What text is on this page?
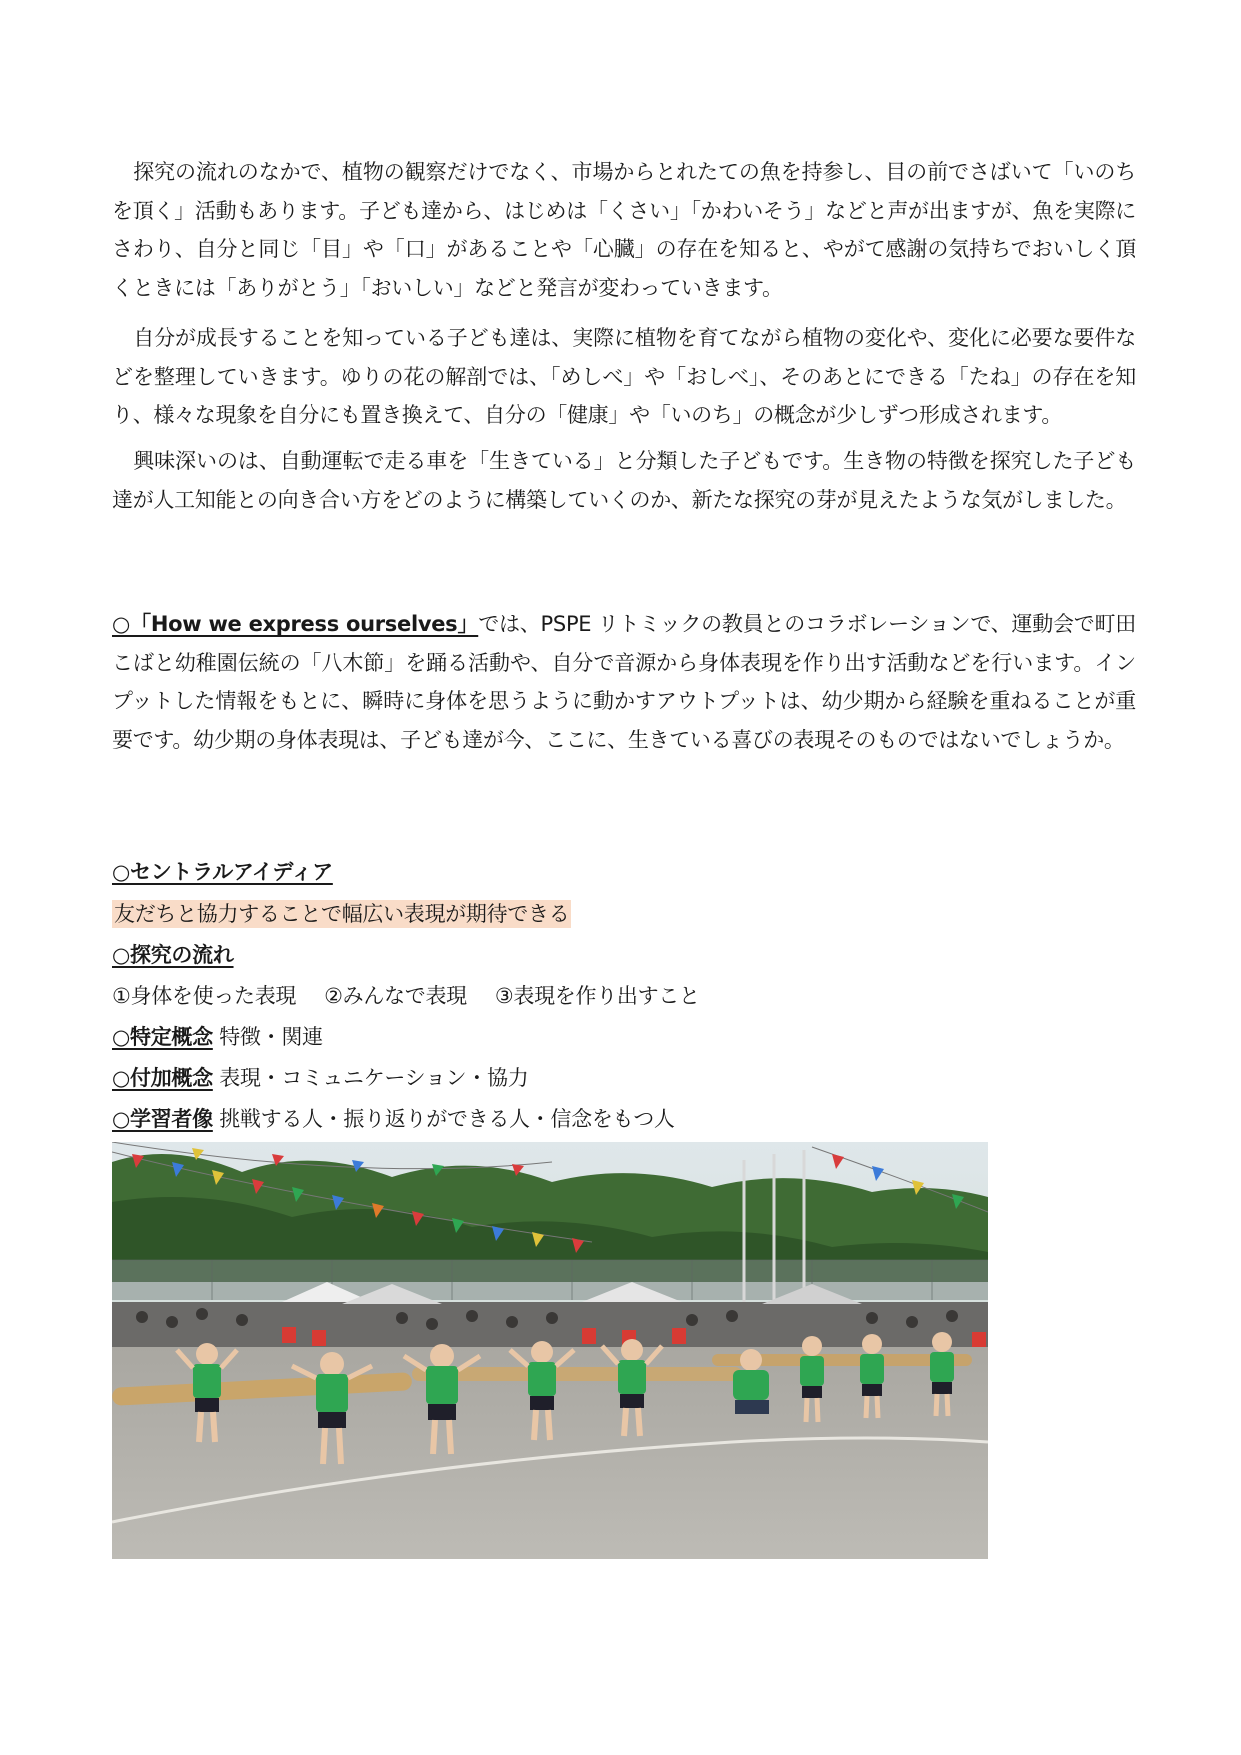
探究の流れのなかで、植物の観察だけでなく、市場からとれたての魚を持参し、目の前でさばいて「いのちを頂く」活動もあります。子ども達から、はじめは「くさい」「かわいそう」などと声が出ますが、魚を実際にさわり、自分と同じ「目」や「口」があることや「心臓」の存在を知ると、やがて感謝の気持ちでおいしく頂くときには「ありがとう」「おいしい」などと発言が変わっていきます。

自分が成長することを知っている子ども達は、実際に植物を育てながら植物の変化や、変化に必要な要件などを整理していきます。ゆりの花の解剖では、「めしべ」や「おしべ」、そのあとにできる「たね」の存在を知り、様々な現象を自分にも置き換えて、自分の「健康」や「いのち」の概念が少しずつ形成されます。

興味深いのは、自動運転で走る車を「生きている」と分類した子どもです。生き物の特徴を探究した子ども達が人工知能との向き合い方をどのように構築していくのか、新たな探究の芽が見えたような気がしました。

○「How we express ourselves」では、PSPE リトミックの教員とのコラボレーションで、運動会で町田こばと幼稚園伝統の「八木節」を踊る活動や、自分で音源から身体表現を作り出す活動などを行います。インプットした情報をもとに、瞬時に身体を思うように動かすアウトプットは、幼少期から経験を重ねることが重要です。幼少期の身体表現は、子ども達が今、ここに、生きている喜びの表現そのものではないでしょうか。

○セントラルアイディア
友だちと協力することで幅広い表現が期待できる
○探究の流れ
①身体を使った表現 ②みんなで表現 ③表現を作り出すこと
○特定概念 特徴・関連
○付加概念 表現・コミュニケーション・協力
○学習者像 挑戦する人・振り返りができる人・信念をもつ人
